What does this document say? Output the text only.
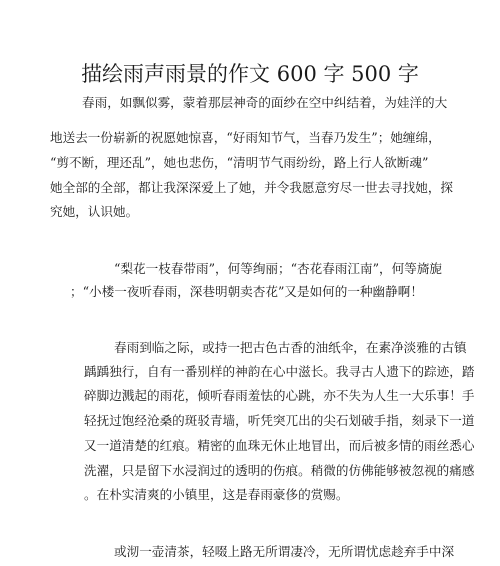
描绘雨声雨景的作文 600 字 500 字

春雨，如飘似雾，蒙着那层神奇的面纱在空中纠结着，为娃洋的大

地送去一份崭新的祝愿她惊喜，“好雨知节气，当春乃发生”；她缠绵，

“剪不断，理还乱”，她也悲伤，“清明节气雨纷纷，路上行人欲断魂”

她全部的全部，都让我深深爱上了她，并令我愿意穷尽一世去寻找她，探

究她，认识她。

“梨花一枝春带雨”，何等绚丽；“杏花春雨江南”，何等旖旎

；“小楼一夜听春雨，深巷明朝卖杏花”又是如何的一种幽静啊！

春雨到临之际，或持一把古色古香的油纸伞，在素净淡雅的古镇

踽踽独行，自有一番别样的神韵在心中滋长。我寻古人遗下的踪迹，踏

碎脚边溅起的雨花，倾听春雨羞怯的心跳，亦不失为人生一大乐事！手

轻抚过饱经沧桑的斑驳青墙，听凭突兀出的尖石划破手指，刻录下一道

又一道清楚的红痕。精密的血珠无休止地冒出，而后被多情的雨丝悉心

洗濯，只是留下水浸润过的透明的伤痕。稍微的仿佛能够被忽视的痛感

。在朴实清爽的小镇里，这是春雨豪侈的赏赐。

或沏一壶清茶，轻啜上路无所谓凄冷，无所谓忧虑趁弃手中深
